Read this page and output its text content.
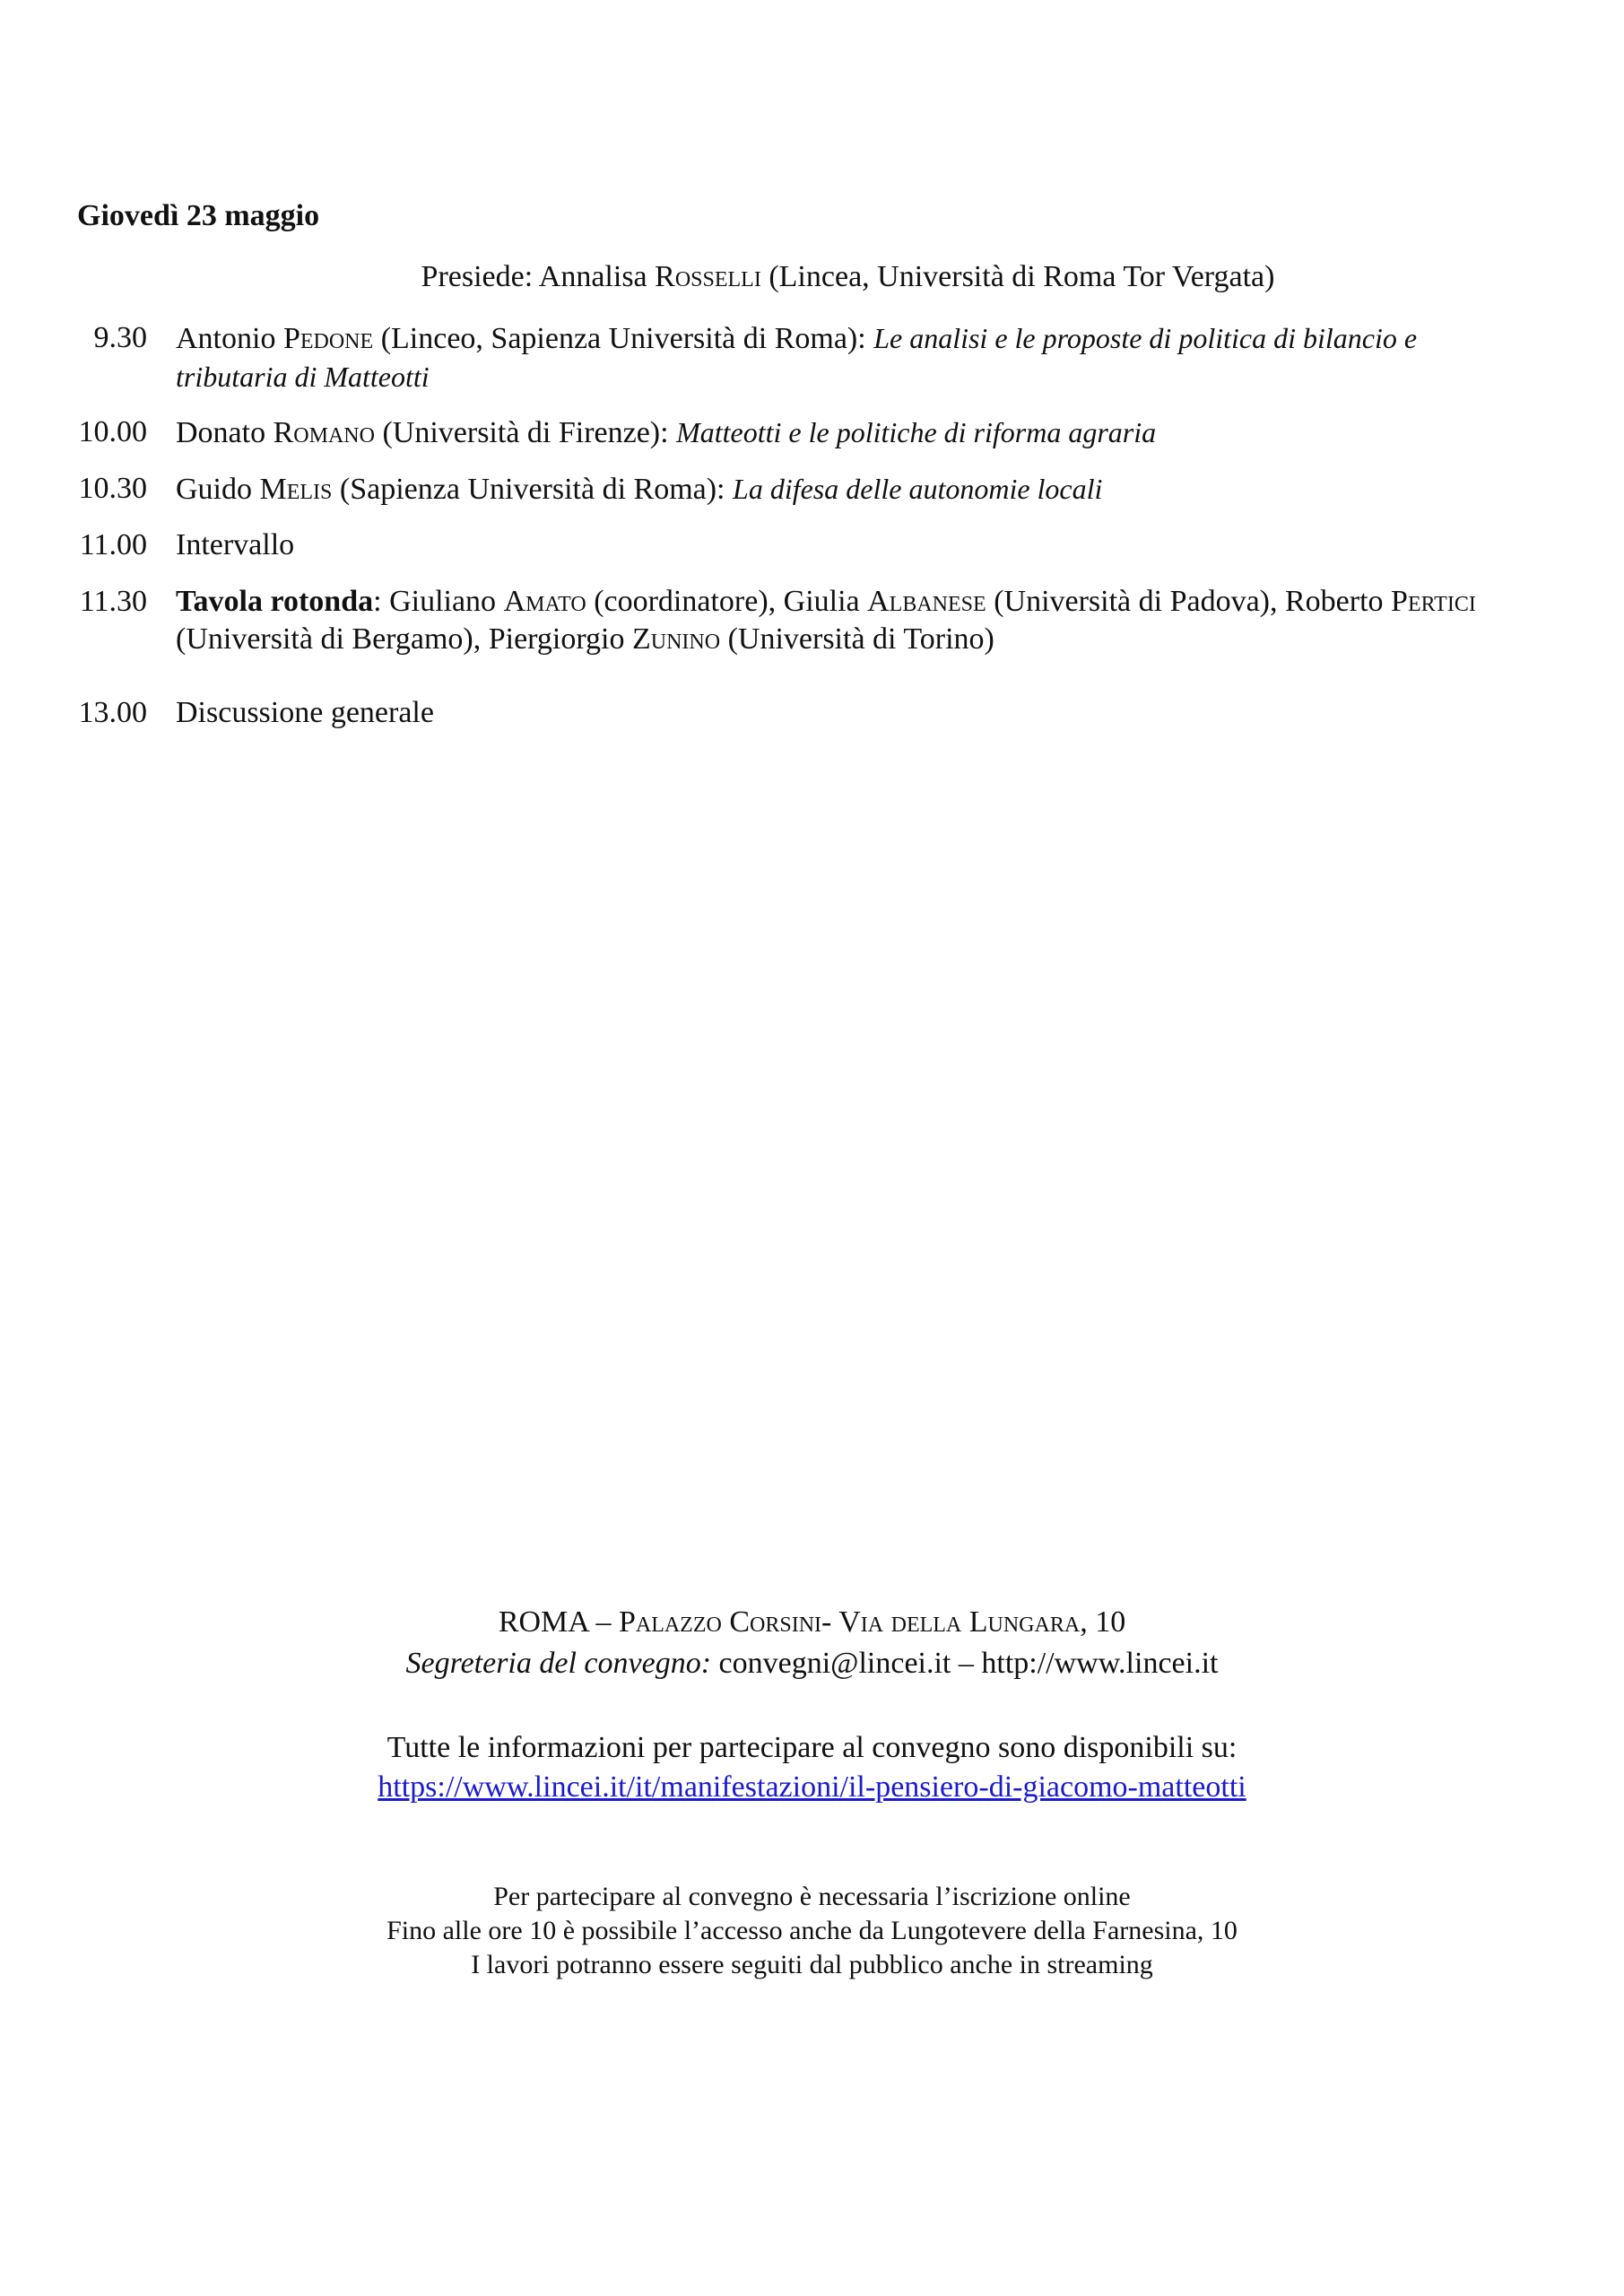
Giovedì 23 maggio
Presiede: Annalisa Rosselli (Lincea, Università di Roma Tor Vergata)
9.30 Antonio Pedone (Linceo, Sapienza Università di Roma): Le analisi e le proposte di politica di bilancio e tributaria di Matteotti
10.00 Donato Romano (Università di Firenze): Matteotti e le politiche di riforma agraria
10.30 Guido Melis (Sapienza Università di Roma): La difesa delle autonomie locali
11.00 Intervallo
11.30 Tavola rotonda: Giuliano Amato (coordinatore), Giulia Albanese (Università di Padova), Roberto Pertici (Università di Bergamo), Piergiorgio Zunino (Università di Torino)
13.00 Discussione generale
ROMA – Palazzo Corsini- Via della Lungara, 10
Segreteria del convegno: convegni@lincei.it – http://www.lincei.it
Tutte le informazioni per partecipare al convegno sono disponibili su:
https://www.lincei.it/it/manifestazioni/il-pensiero-di-giacomo-matteotti
Per partecipare al convegno è necessaria l’iscrizione online
Fino alle ore 10 è possibile l’accesso anche da Lungotevere della Farnesina, 10
I lavori potranno essere seguiti dal pubblico anche in streaming
